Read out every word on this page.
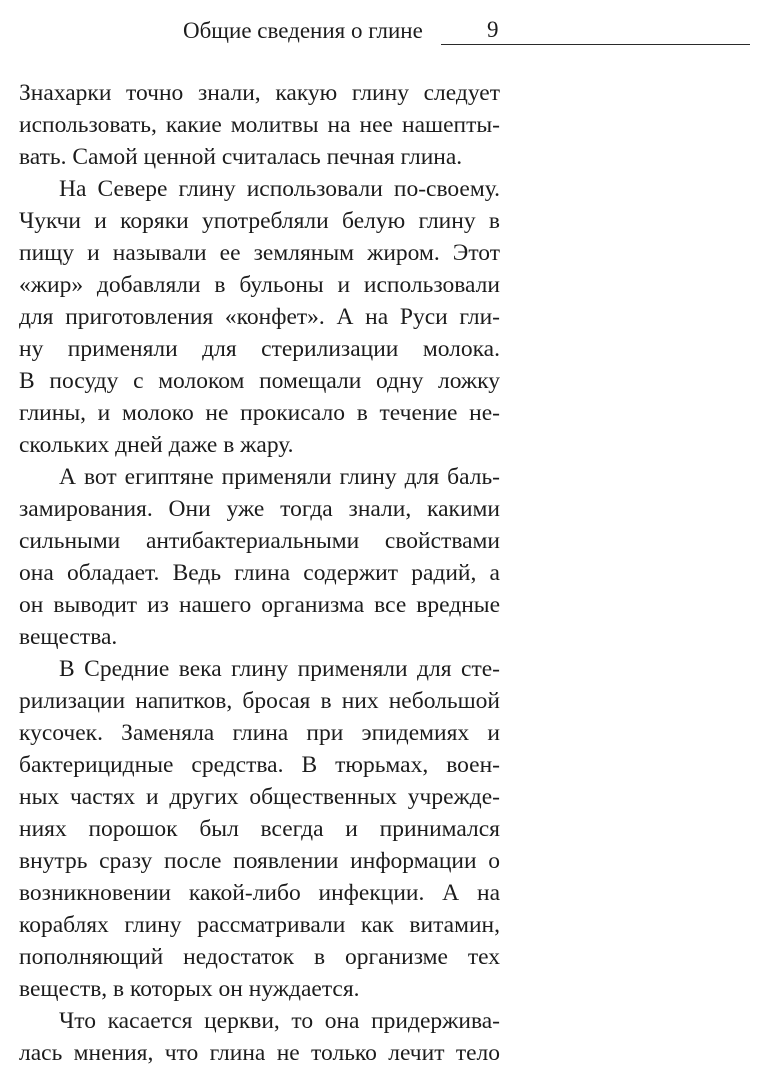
Общие сведения о глине	9

Знахарки точно знали, какую глину следует
использовать, какие молитвы на нее нашепты-
вать. Самой ценной считалась печная глина.

На Севере глину использовали по-своему.
Чукчи и коряки употребляли белую глину в
пищу и называли ее земляным жиром. Этот
«жир» добавляли в бульоны и использовали
для приготовления «конфет». А на Руси гли-
ну применяли для стерилизации молока.
В посуду с молоком помещали одну ложку
глины, и молоко не прокисало в течение не-
скольких дней даже в жару.

А вот египтяне применяли глину для баль-
замирования. Они уже тогда знали, какими
сильными антибактериальными свойствами
она обладает. Ведь глина содержит радий, а
он выводит из нашего организма все вредные
вещества.

В Средние века глину применяли для сте-
рилизации напитков, бросая в них небольшой
кусочек. Заменяла глина при эпидемиях и
бактерицидные средства. В тюрьмах, воен-
ных частях и других общественных учрежде-
ниях порошок был всегда и принимался
внутрь сразу после появлении информации о
возникновении какой-либо инфекции. А на
кораблях глину рассматривали как витамин,
пополняющий недостаток в организме тех
веществ, в которых он нуждается.

Что касается церкви, то она придержива-
лась мнения, что глина не только лечит тело
